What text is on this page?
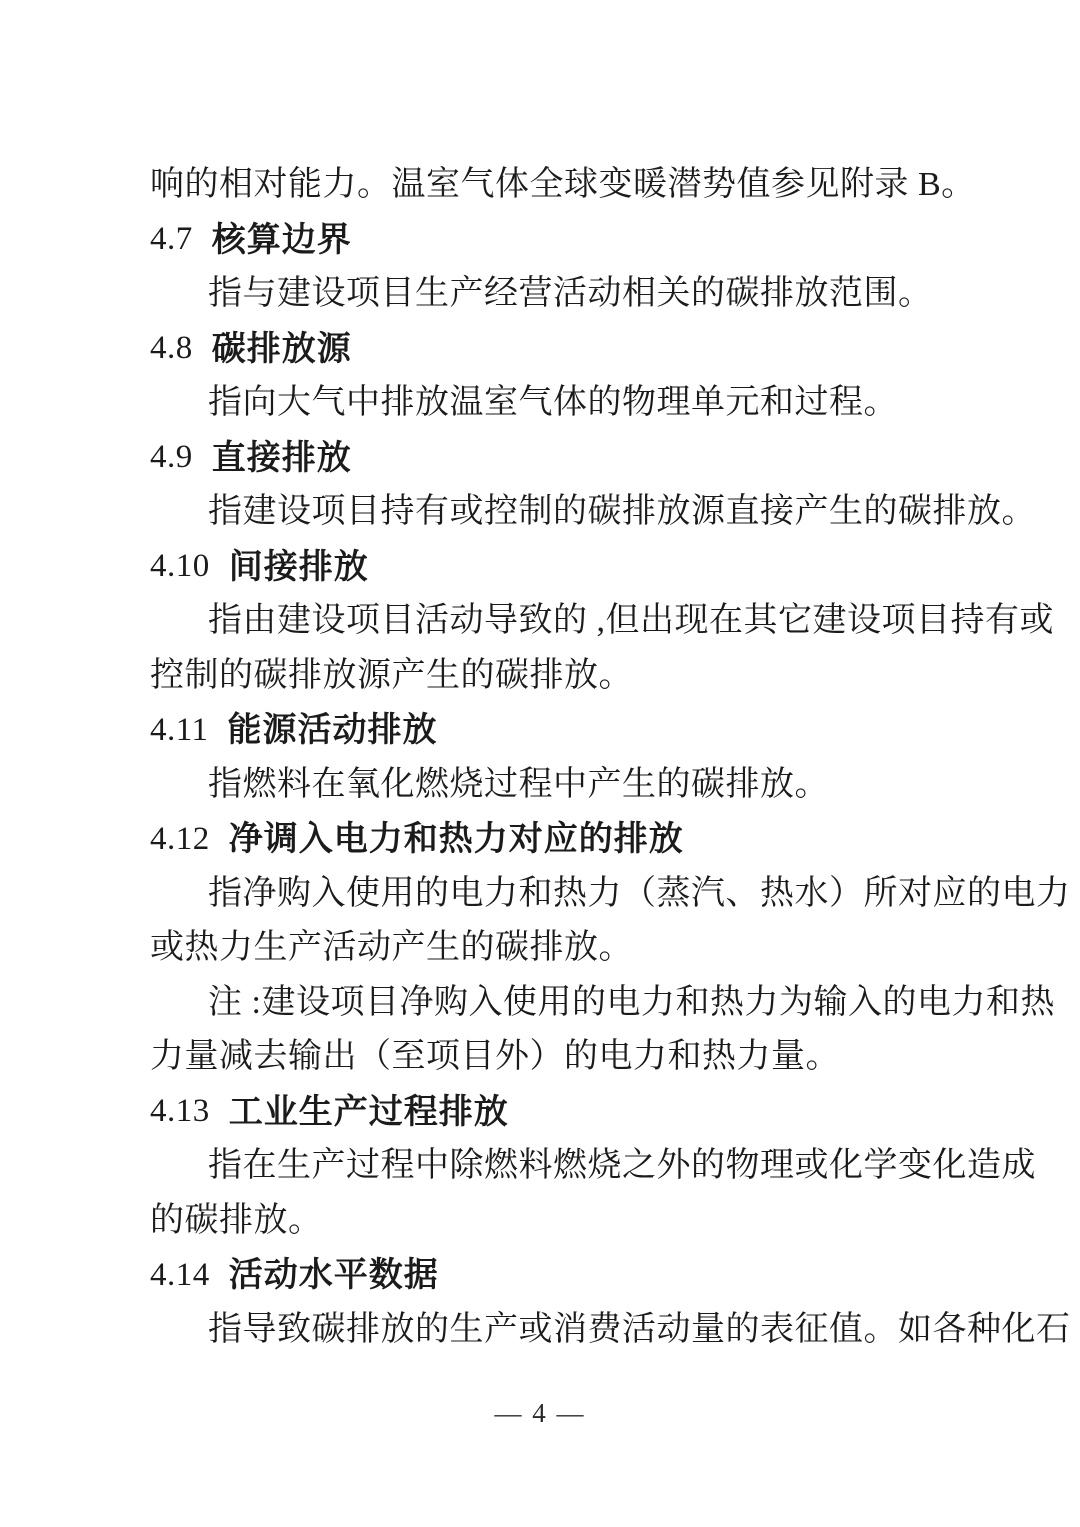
响的相对能力。温室气体全球变暖潜势值参见附录 B。
4.7 核算边界
指与建设项目生产经营活动相关的碳排放范围。
4.8 碳排放源
指向大气中排放温室气体的物理单元和过程。
4.9 直接排放
指建设项目持有或控制的碳排放源直接产生的碳排放。
4.10 间接排放
指由建设项目活动导致的 ,但出现在其它建设项目持有或
控制的碳排放源产生的碳排放。
4.11 能源活动排放
指燃料在氧化燃烧过程中产生的碳排放。
4.12 净调入电力和热力对应的排放
指净购入使用的电力和热力（蒸汽、热水）所对应的电力
或热力生产活动产生的碳排放。
注 :建设项目净购入使用的电力和热力为输入的电力和热
力量减去输出（至项目外）的电力和热力量。
4.13 工业生产过程排放
指在生产过程中除燃料燃烧之外的物理或化学变化造成
的碳排放。
4.14 活动水平数据
指导致碳排放的生产或消费活动量的表征值。如各种化石
— 4 —
